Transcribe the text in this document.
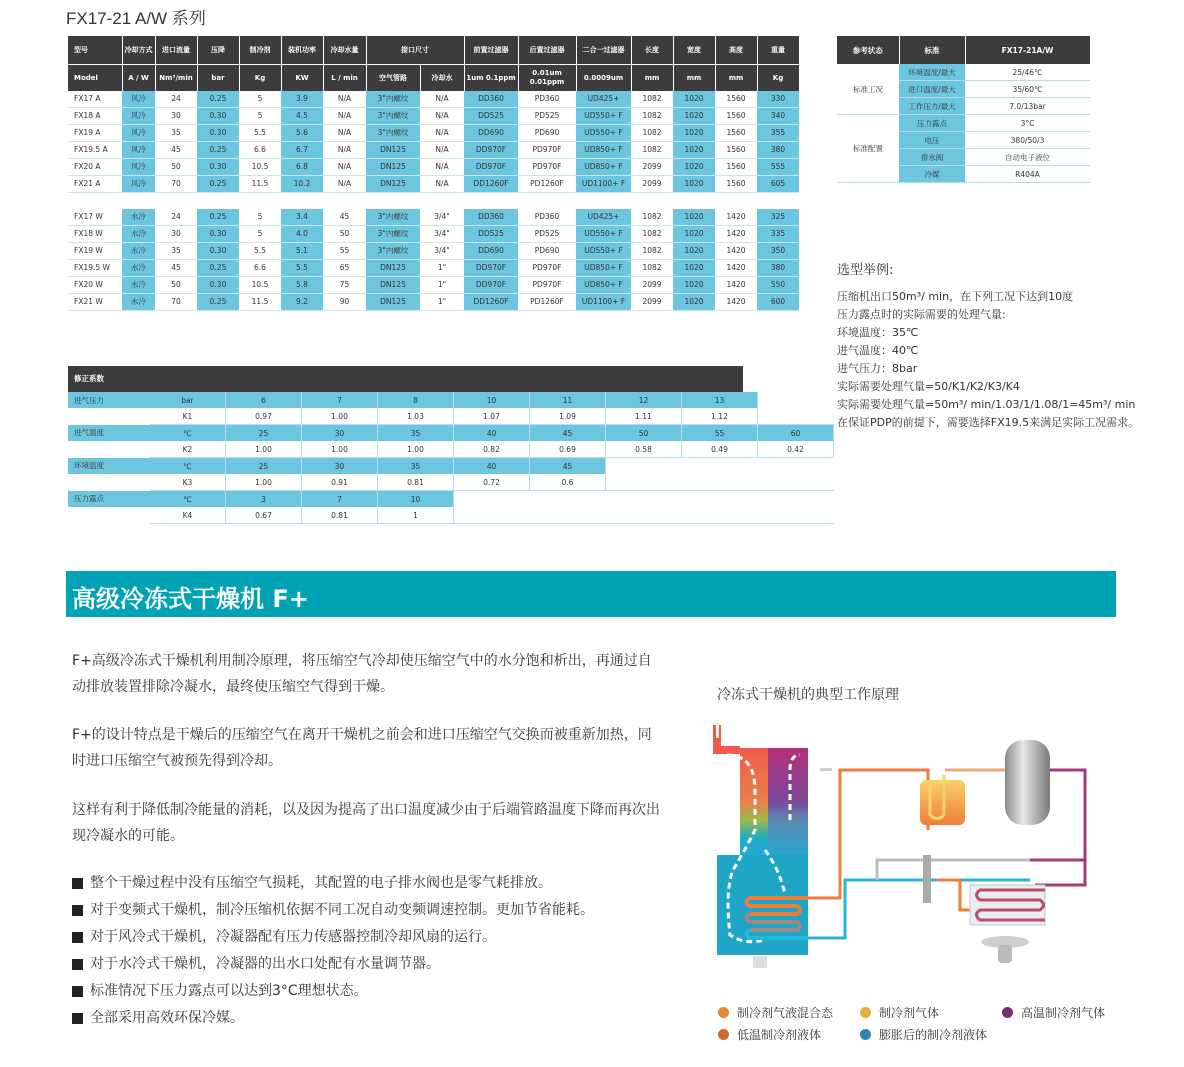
FX17-21 A/W 系列
型号	冷却方式	进口流量	压降	制冷剂	装机功率	冷却水量	接口尺寸		前置过滤器	后置过滤器	二合一过滤器	长度	宽度	高度	重量
Model	A / W	Nm³/min	bar	Kg	KW	L / min	空气管路	冷却水	1um 0.1ppm	0.01um 0.01ppm	0.0009um	mm	mm	mm	Kg
FX17 A	风冷	24	0.25	5	3.9	N/A	3"内螺纹	N/A	DD360	PD360	UD425+	1082	1020	1560	330
FX18 A	风冷	30	0.30	5	4.5	N/A	3"内螺纹	N/A	DD525	PD525	UD550+ F	1082	1020	1560	340
FX19 A	风冷	35	0.30	5.5	5.6	N/A	3"内螺纹	N/A	DD690	PD690	UD550+ F	1082	1020	1560	355
FX19.5 A	风冷	45	0.25	6.6	6.7	N/A	DN125	N/A	DD970F	PD970F	UD850+ F	1082	1020	1560	380
FX20 A	风冷	50	0.30	10.5	6.8	N/A	DN125	N/A	DD970F	PD970F	UD850+ F	2099	1020	1560	555
FX21 A	风冷	70	0.25	11.5	10.2	N/A	DN125	N/A	DD1260F	PD1260F	UD1100+ F	2099	1020	1560	605

FX17 W	水冷	24	0.25	5	3.4	45	3"内螺纹	3/4"	DD360	PD360	UD425+	1082	1020	1420	325
FX18 W	水冷	30	0.30	5	4.0	50	3"内螺纹	3/4"	DD525	PD525	UD550+ F	1082	1020	1420	335
FX19 W	水冷	35	0.30	5.5	5.1	55	3"内螺纹	3/4"	DD690	PD690	UD550+ F	1082	1020	1420	350
FX19.5 W	水冷	45	0.25	6.6	5.5	65	DN125	1"	DD970F	PD970F	UD850+ F	1082	1020	1420	380
FX20 W	水冷	50	0.30	10.5	5.8	75	DN125	1"	DD970F	PD970F	UD850+ F	2099	1020	1420	550
FX21 W	水冷	70	0.25	11.5	9.2	90	DN125	1"	DD1260F	PD1260F	UD1100+ F	2099	1020	1420	600
参考状态	标准	FX17-21A/W
标准工况	环境温度/最大	25/46℃
	进口温度/最大	35/60℃
	工作压力/最大	7.0/13bar
标准配置	压力露点	3°C
	电压	380/50/3
	排水阀	自动电子液位
	冷媒	R404A
选型举例:
压缩机出口50m³/ min，在下列工况下达到10度
压力露点时的实际需要的处理气量:
环境温度：35℃
进气温度：40℃
进气压力：8bar
实际需要处理气量=50/K1/K2/K3/K4
实际需要处理气量=50m³/ min/1.03/1/1.08/1=45m³/ min
在保证PDP的前提下，需要选择FX19.5来满足实际工况需求。
修正系数
进气压力	bar	6	7	8	10	11	12	13	
	K1	0.97	1.00	1.03	1.07	1.09	1.11	1.12	
进气温度	℃	25	30	35	40	45	50	55	60
	K2	1.00	1.00	1.00	0.82	0.69	0.58	0.49	0.42
环境温度	℃	25	30	35	40	45			
	K3	1.00	0.91	0.81	0.72	0.6			
压力露点	℃	3	7	10					
	K4	0.67	0.81	1					
高级冷冻式干燥机 F+
F+高级冷冻式干燥机利用制冷原理，将压缩空气冷却使压缩空气中的水分饱和析出，再通过自动排放装置排除冷凝水，最终使压缩空气得到干燥。
F+的设计特点是干燥后的压缩空气在离开干燥机之前会和进口压缩空气交换而被重新加热，同时进口压缩空气被预先得到冷却。
这样有利于降低制冷能量的消耗，以及因为提高了出口温度减少由于后端管路温度下降而再次出现冷凝水的可能。
整个干燥过程中没有压缩空气损耗，其配置的电子排水阀也是零气耗排放。
对于变频式干燥机，制冷压缩机依据不同工况自动变频调速控制。更加节省能耗。
对于风冷式干燥机，冷凝器配有压力传感器控制冷却风扇的运行。
对于水冷式干燥机，冷凝器的出水口处配有水量调节器。
标准情况下压力露点可以达到3°C理想状态。
全部采用高效环保冷媒。
冷冻式干燥机的典型工作原理
制冷剂气液混合态	制冷剂气体	高温制冷剂气体
低温制冷剂液体	膨胀后的制冷剂液体
